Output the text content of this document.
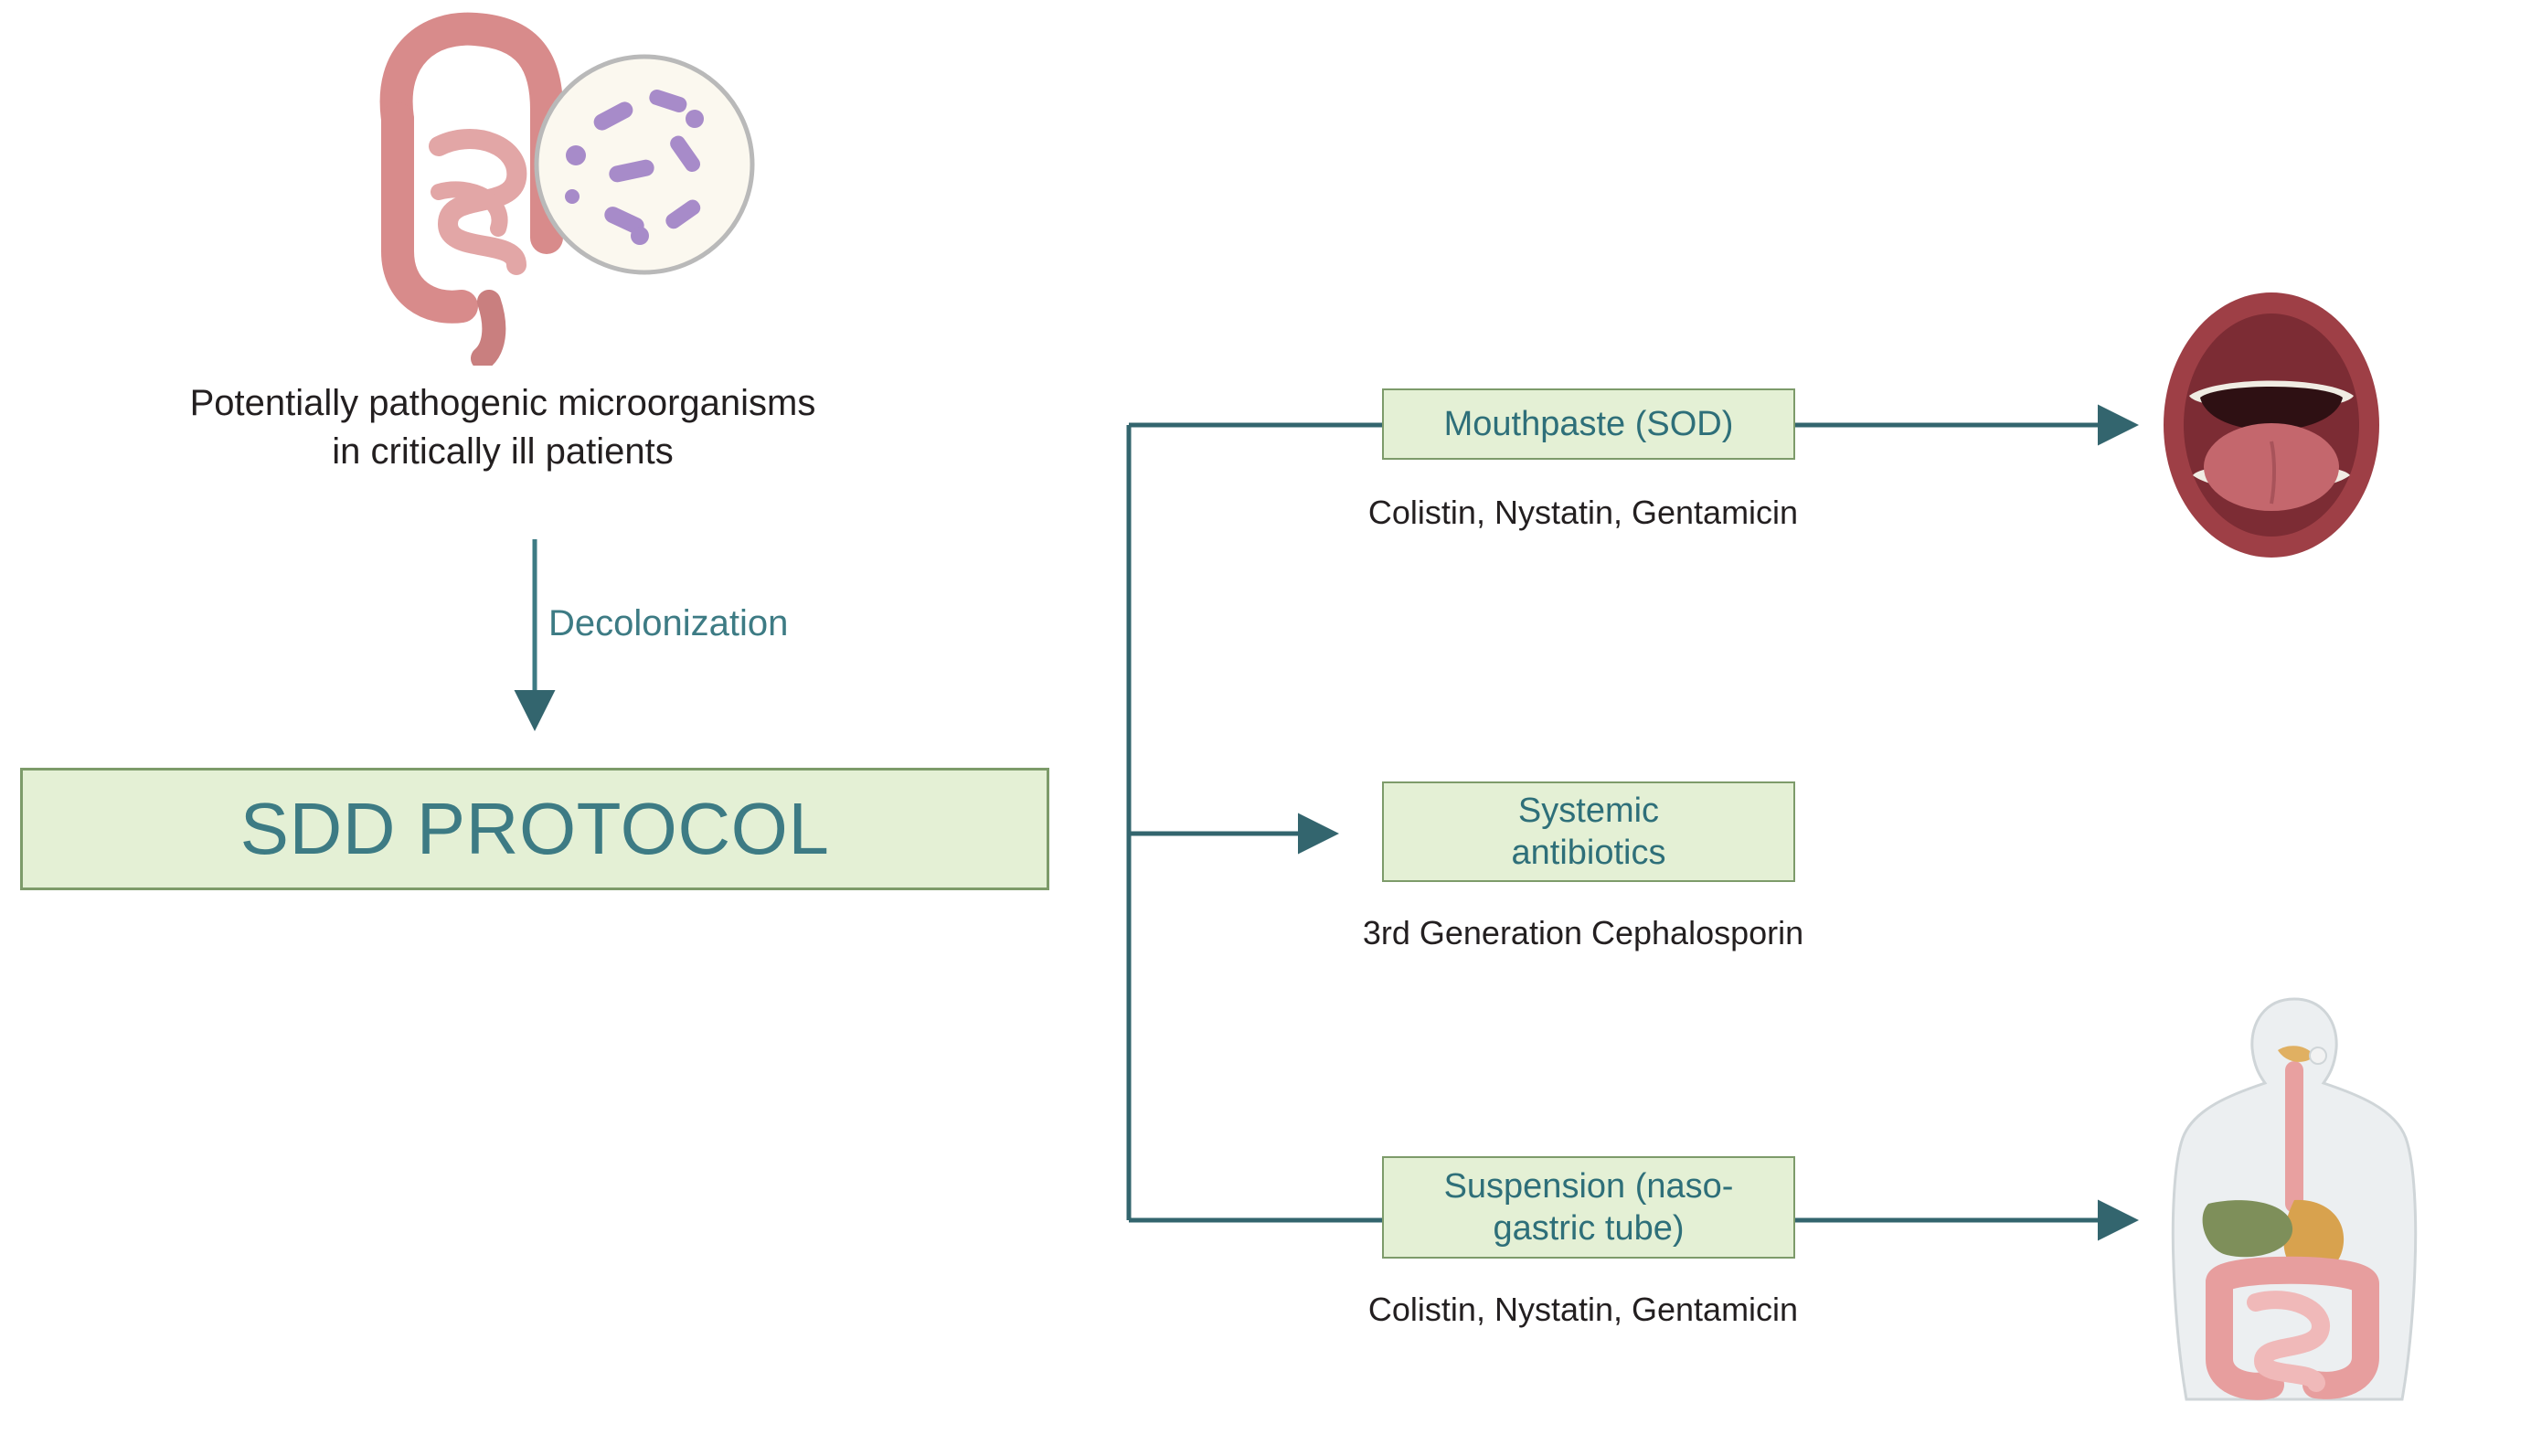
Potentially pathogenic microorganisms
in critically ill patients
Decolonization
SDD PROTOCOL
Mouthpaste (SOD)
Colistin, Nystatin, Gentamicin
Systemic
antibiotics
3rd Generation Cephalosporin
Suspension (naso-
gastric tube)
Colistin, Nystatin, Gentamicin
